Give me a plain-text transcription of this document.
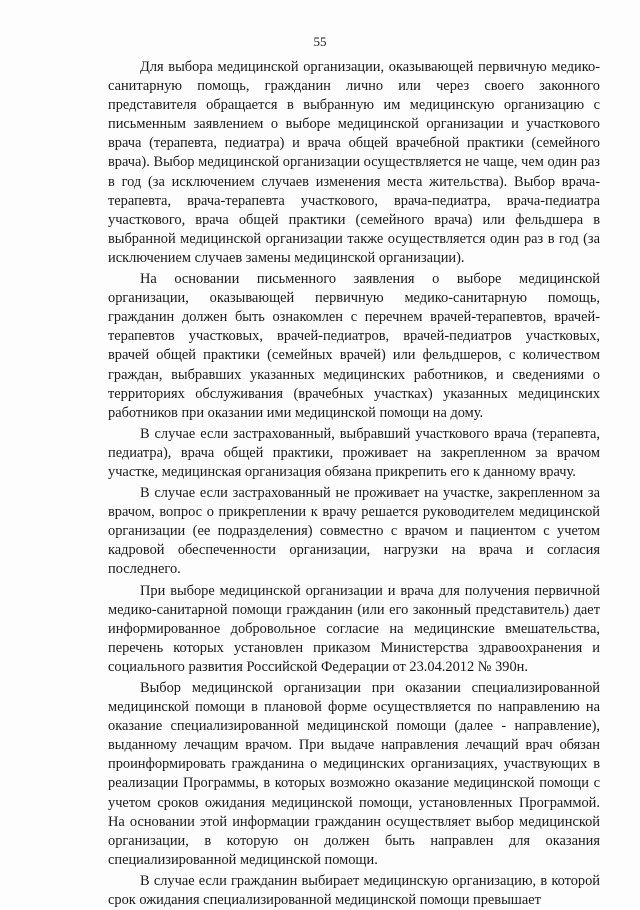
55

Для выбора медицинской организации, оказывающей первичную медико-санитарную помощь, гражданин лично или через своего законного представителя обращается в выбранную им медицинскую организацию с письменным заявлением о выборе медицинской организации и участкового врача (терапевта, педиатра) и врача общей врачебной практики (семейного врача). Выбор медицинской организации осуществляется не чаще, чем один раз в год (за исключением случаев изменения места жительства). Выбор врача-терапевта, врача-терапевта участкового, врача-педиатра, врача-педиатра участкового, врача общей практики (семейного врача) или фельдшера в выбранной медицинской организации также осуществляется один раз в год (за исключением случаев замены медицинской организации).

На основании письменного заявления о выборе медицинской организации, оказывающей первичную медико-санитарную помощь, гражданин должен быть ознакомлен с перечнем врачей-терапевтов, врачей-терапевтов участковых, врачей-педиатров, врачей-педиатров участковых, врачей общей практики (семейных врачей) или фельдшеров, с количеством граждан, выбравших указанных медицинских работников, и сведениями о территориях обслуживания (врачебных участках) указанных медицинских работников при оказании ими медицинской помощи на дому.

В случае если застрахованный, выбравший участкового врача (терапевта, педиатра), врача общей практики, проживает на закрепленном за врачом участке, медицинская организация обязана прикрепить его к данному врачу.

В случае если застрахованный не проживает на участке, закрепленном за врачом, вопрос о прикреплении к врачу решается руководителем медицинской организации (ее подразделения) совместно с врачом и пациентом с учетом кадровой обеспеченности организации, нагрузки на врача и согласия последнего.

При выборе медицинской организации и врача для получения первичной медико-санитарной помощи гражданин (или его законный представитель) дает информированное добровольное согласие на медицинские вмешательства, перечень которых установлен приказом Министерства здравоохранения и социального развития Российской Федерации от 23.04.2012 № 390н.

Выбор медицинской организации при оказании специализированной медицинской помощи в плановой форме осуществляется по направлению на оказание специализированной медицинской помощи (далее - направление), выданному лечащим врачом. При выдаче направления лечащий врач обязан проинформировать гражданина о медицинских организациях, участвующих в реализации Программы, в которых возможно оказание медицинской помощи с учетом сроков ожидания медицинской помощи, установленных Программой. На основании этой информации гражданин осуществляет выбор медицинской организации, в которую он должен быть направлен для оказания специализированной медицинской помощи.

В случае если гражданин выбирает медицинскую организацию, в которой срок ожидания специализированной медицинской помощи превышает
